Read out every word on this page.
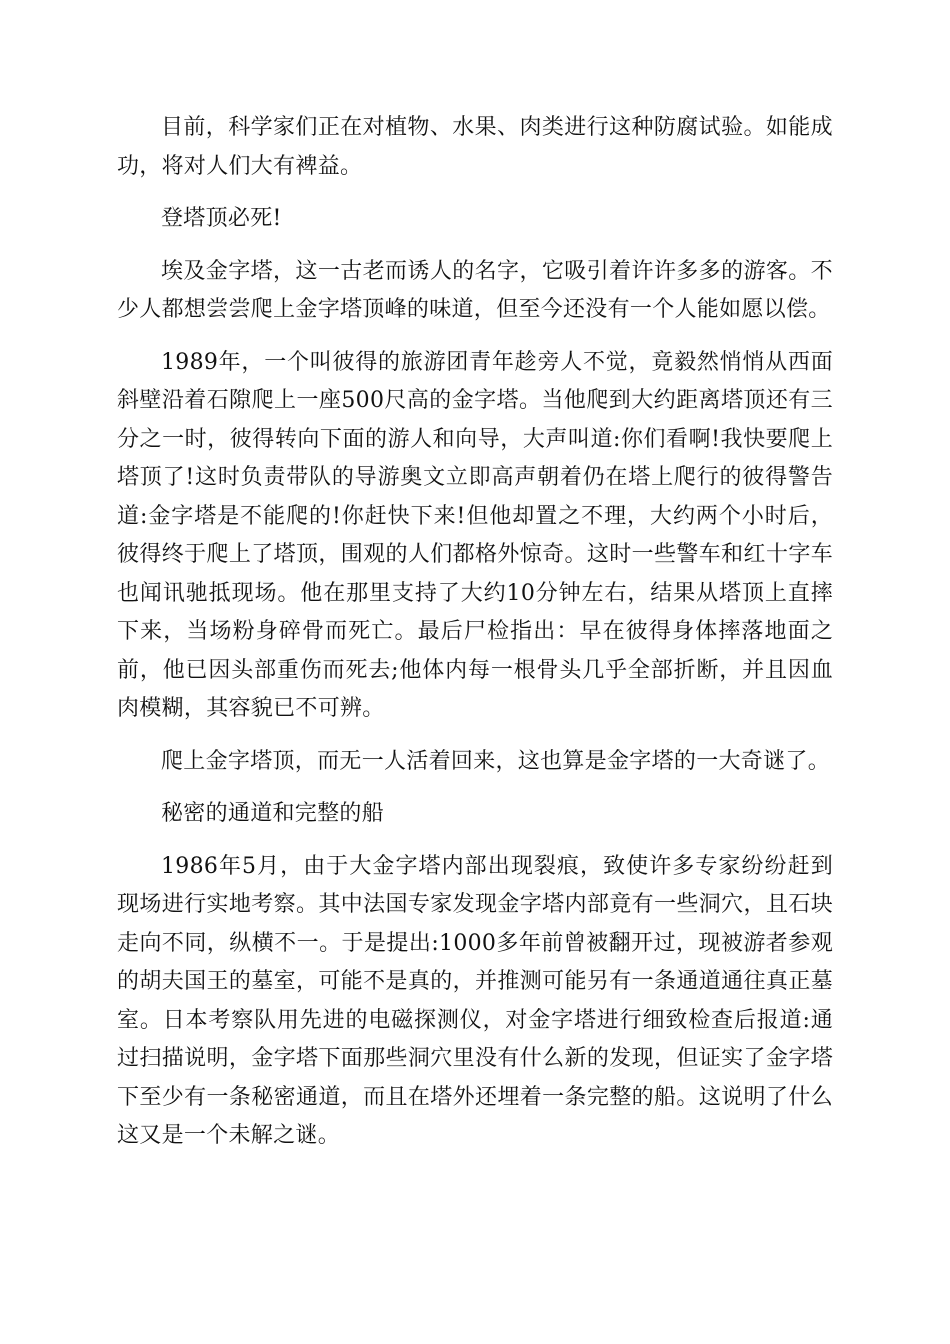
目前，科学家们正在对植物、水果、肉类进行这种防腐试验。如能成功，将对人们大有裨益。

登塔顶必死!

埃及金字塔，这一古老而诱人的名字，它吸引着许许多多的游客。不少人都想尝尝爬上金字塔顶峰的味道，但至今还没有一个人能如愿以偿。

1989年，一个叫彼得的旅游团青年趁旁人不觉，竟毅然悄悄从西面斜壁沿着石隙爬上一座500尺高的金字塔。当他爬到大约距离塔顶还有三分之一时，彼得转向下面的游人和向导，大声叫道:你们看啊!我快要爬上塔顶了!这时负责带队的导游奥文立即高声朝着仍在塔上爬行的彼得警告道:金字塔是不能爬的!你赶快下来!但他却置之不理，大约两个小时后，彼得终于爬上了塔顶，围观的人们都格外惊奇。这时一些警车和红十字车也闻讯驰抵现场。他在那里支持了大约10分钟左右，结果从塔顶上直摔下来，当场粉身碎骨而死亡。最后尸检指出：早在彼得身体摔落地面之前，他已因头部重伤而死去;他体内每一根骨头几乎全部折断，并且因血肉模糊，其容貌已不可辨。

爬上金字塔顶，而无一人活着回来，这也算是金字塔的一大奇谜了。

秘密的通道和完整的船

1986年5月，由于大金字塔内部出现裂痕，致使许多专家纷纷赶到现场进行实地考察。其中法国专家发现金字塔内部竟有一些洞穴，且石块走向不同，纵横不一。于是提出:1000多年前曾被翻开过，现被游者参观的胡夫国王的墓室，可能不是真的，并推测可能另有一条通道通往真正墓室。日本考察队用先进的电磁探测仪，对金字塔进行细致检查后报道:通过扫描说明，金字塔下面那些洞穴里没有什么新的发现，但证实了金字塔下至少有一条秘密通道，而且在塔外还埋着一条完整的船。这说明了什么这又是一个未解之谜。
